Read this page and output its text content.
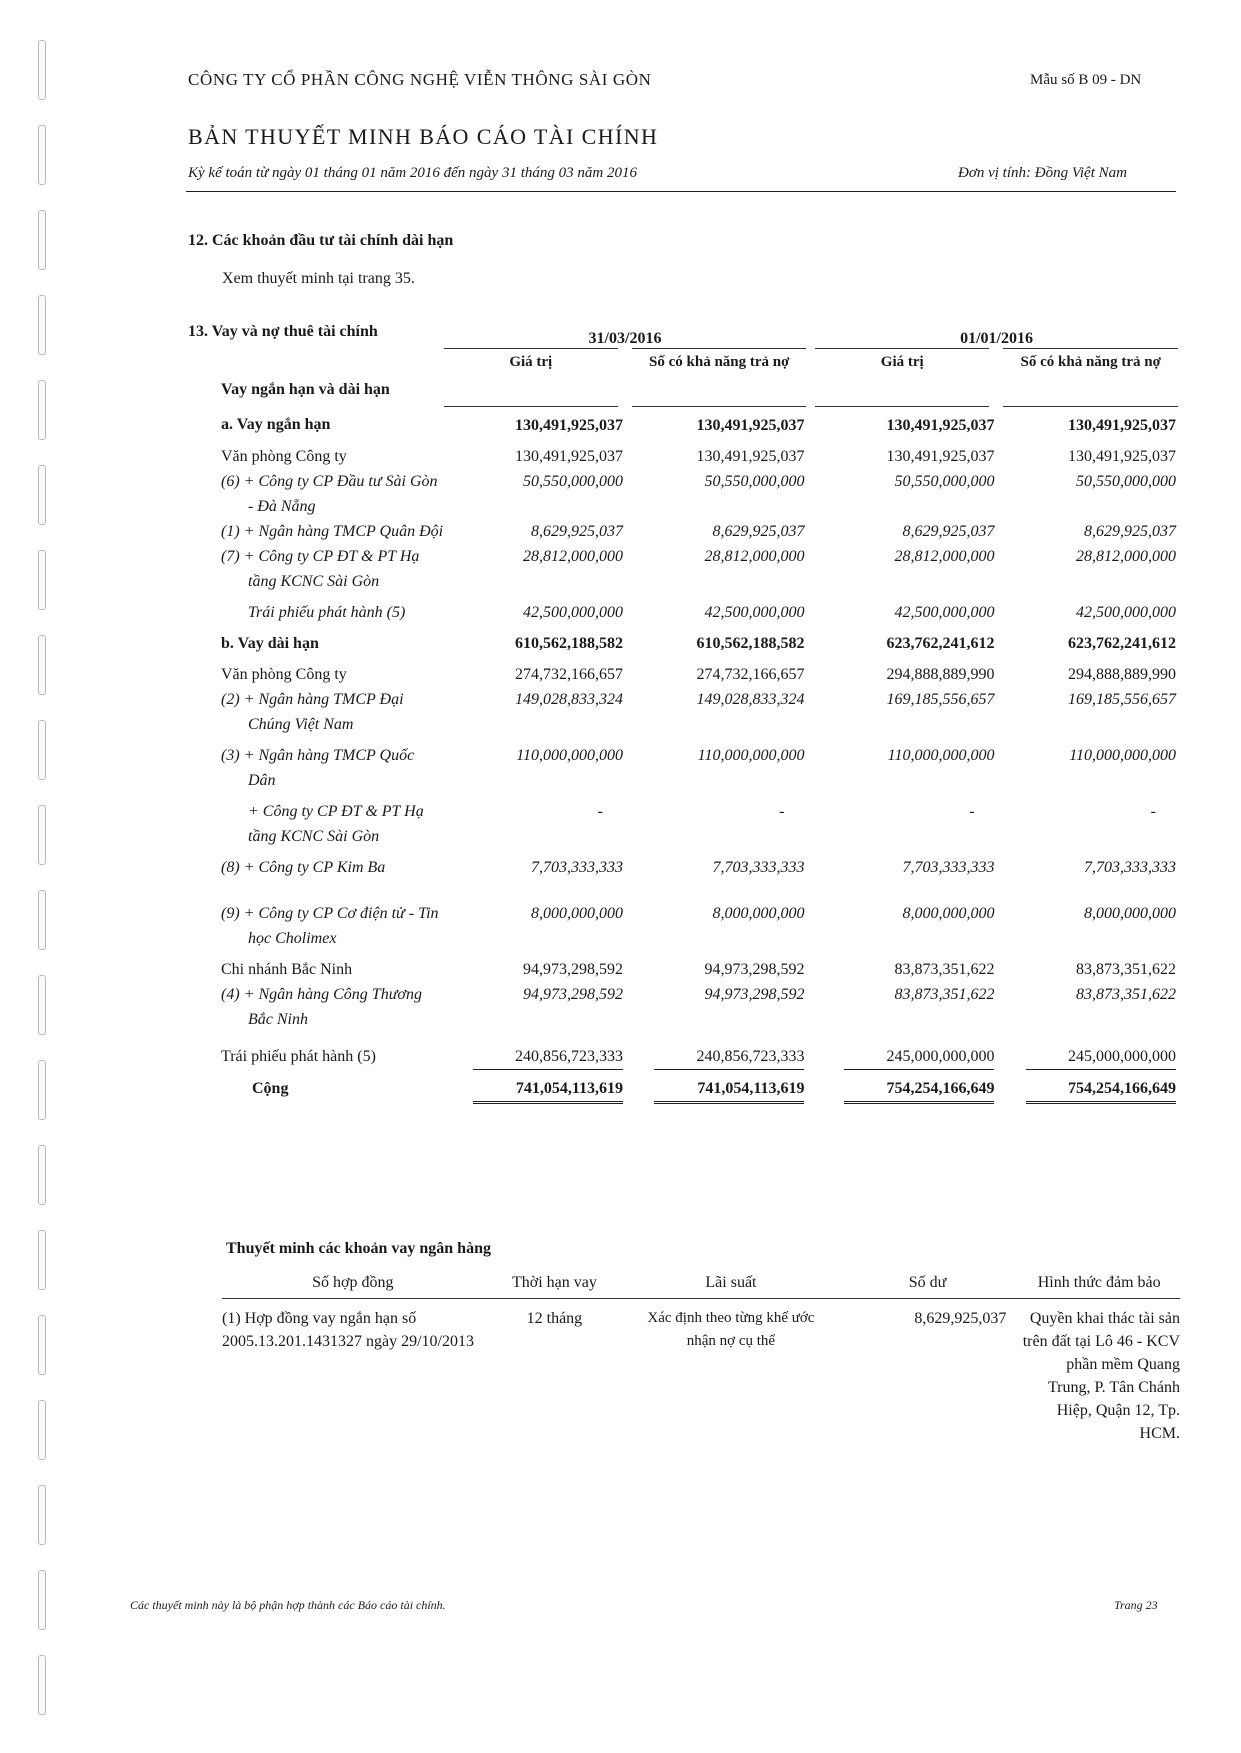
CÔNG TY CỔ PHẦN CÔNG NGHỆ VIỄN THÔNG SÀI GÒN	Mẫu số B 09 - DN
BẢN THUYẾT MINH BÁO CÁO TÀI CHÍNH
Kỳ kế toán từ ngày 01 tháng 01 năm 2016 đến ngày 31 tháng 03 năm 2016	Đơn vị tính: Đồng Việt Nam
12. Các khoản đầu tư tài chính dài hạn
Xem thuyết minh tại trang 35.
13. Vay và nợ thuê tài chính	31/03/2016			01/01/2016	
Vay ngắn hạn và dài hạn	Giá trị	Số có khả năng trả nợ		Giá trị	Số có khả năng trả nợ
a. Vay ngắn hạn	130,491,925,037	130,491,925,037		130,491,925,037	130,491,925,037
Văn phòng Công ty	130,491,925,037	130,491,925,037		130,491,925,037	130,491,925,037
(6) + Công ty CP Đầu tư Sài Gòn - Đà Nẵng	50,550,000,000	50,550,000,000		50,550,000,000	50,550,000,000
(1) + Ngân hàng TMCP Quân Đội	8,629,925,037	8,629,925,037		8,629,925,037	8,629,925,037
(7) + Công ty CP ĐT & PT Hạ tầng KCNC Sài Gòn	28,812,000,000	28,812,000,000		28,812,000,000	28,812,000,000
Trái phiếu phát hành (5)	42,500,000,000	42,500,000,000		42,500,000,000	42,500,000,000
b. Vay dài hạn	610,562,188,582	610,562,188,582		623,762,241,612	623,762,241,612
Văn phòng Công ty	274,732,166,657	274,732,166,657		294,888,889,990	294,888,889,990
(2) + Ngân hàng TMCP Đại Chúng Việt Nam	149,028,833,324	149,028,833,324		169,185,556,657	169,185,556,657
(3) + Ngân hàng TMCP Quốc Dân	110,000,000,000	110,000,000,000		110,000,000,000	110,000,000,000
+ Công ty CP ĐT & PT Hạ tầng KCNC Sài Gòn	-	-		-	-
(8) + Công ty CP Kim Ba	7,703,333,333	7,703,333,333		7,703,333,333	7,703,333,333
(9) + Công ty CP Cơ điện tử - Tin học Cholimex	8,000,000,000	8,000,000,000		8,000,000,000	8,000,000,000
Chi nhánh Bắc Ninh	94,973,298,592	94,973,298,592		83,873,351,622	83,873,351,622
(4) + Ngân hàng Công Thương Bắc Ninh	94,973,298,592	94,973,298,592		83,873,351,622	83,873,351,622
Trái phiếu phát hành (5)	240,856,723,333	240,856,723,333		245,000,000,000	245,000,000,000
Cộng	741,054,113,619	741,054,113,619		754,254,166,649	754,254,166,649
Thuyết minh các khoản vay ngân hàng
Số hợp đồng	Thời hạn vay	Lãi suất	Số dư	Hình thức đảm bảo
(1) Hợp đồng vay ngắn hạn số 2005.13.201.1431327 ngày 29/10/2013	12 tháng	Xác định theo từng khế ước nhận nợ cụ thể	8,629,925,037	Quyền khai thác tài sản trên đất tại Lô 46 - KCV phần mềm Quang Trung, P. Tân Chánh Hiệp, Quận 12, Tp. HCM.
Các thuyết minh này là bộ phận hợp thành các Báo cáo tài chính.	Trang 23
